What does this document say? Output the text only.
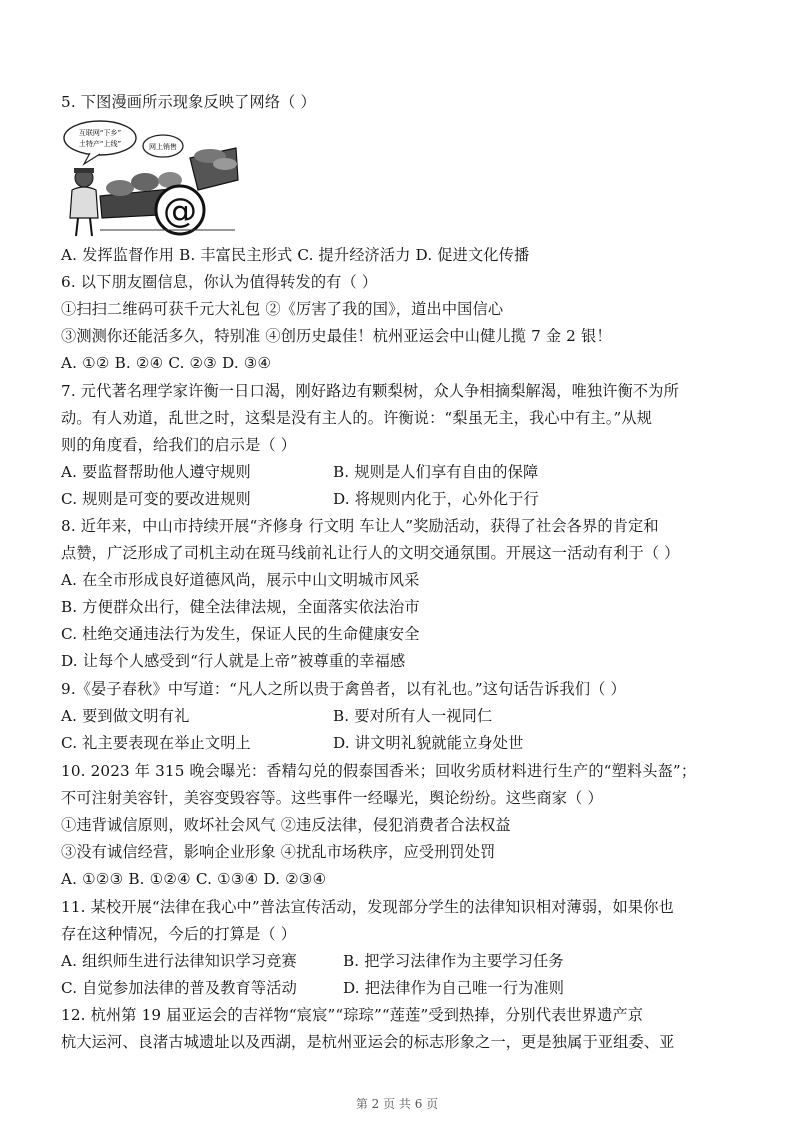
5. 下图漫画所示现象反映了网络（ ）
互联网“下乡”
土特产“上线”	网上销售
@
A. 发挥监督作用 B. 丰富民主形式 C. 提升经济活力 D. 促进文化传播
6. 以下朋友圈信息，你认为值得转发的有（ ）
①扫扫二维码可获千元大礼包 ②《厉害了我的国》，道出中国信心
③测测你还能活多久，特别准 ④创历史最佳！杭州亚运会中山健儿揽 7 金 2 银！
A. ①② B. ②④ C. ②③ D. ③④
7. 元代著名理学家许衡一日口渴，刚好路边有颗梨树，众人争相摘梨解渴，唯独许衡不为所
动。有人劝道，乱世之时，这梨是没有主人的。许衡说：“梨虽无主，我心中有主。”从规
则的角度看，给我们的启示是（ ）
A. 要监督帮助他人遵守规则	B. 规则是人们享有自由的保障
C. 规则是可变的要改进规则	D. 将规则内化于，心外化于行
8. 近年来，中山市持续开展“齐修身 行文明 车让人”奖励活动，获得了社会各界的肯定和
点赞，广泛形成了司机主动在斑马线前礼让行人的文明交通氛围。开展这一活动有利于（ ）
A. 在全市形成良好道德风尚，展示中山文明城市风采
B. 方便群众出行，健全法律法规，全面落实依法治市
C. 杜绝交通违法行为发生，保证人民的生命健康安全
D. 让每个人感受到“行人就是上帝”被尊重的幸福感
9.《晏子春秋》中写道：“凡人之所以贵于禽兽者，以有礼也。”这句话告诉我们（ ）
A. 要到做文明有礼	B. 要对所有人一视同仁
C. 礼主要表现在举止文明上	D. 讲文明礼貌就能立身处世
10. 2023 年 315 晚会曝光：香精勾兑的假泰国香米；回收劣质材料进行生产的“塑料头盔”；
不可注射美容针，美容变毁容等。这些事件一经曝光，舆论纷纷。这些商家（ ）
①违背诚信原则，败坏社会风气 ②违反法律，侵犯消费者合法权益
③没有诚信经营，影响企业形象 ④扰乱市场秩序，应受刑罚处罚
A. ①②③ B. ①②④ C. ①③④ D. ②③④
11. 某校开展“法律在我心中”普法宣传活动，发现部分学生的法律知识相对薄弱，如果你也
存在这种情况，今后的打算是（ ）
A. 组织师生进行法律知识学习竞赛	B. 把学习法律作为主要学习任务
C. 自觉参加法律的普及教育等活动	D. 把法律作为自己唯一行为准则
12. 杭州第 19 届亚运会的吉祥物“宸宸”“琮琮”“莲莲”受到热捧，分别代表世界遗产京
杭大运河、良渚古城遗址以及西湖，是杭州亚运会的标志形象之一，更是独属于亚组委、亚
第 2 页 共 6 页
